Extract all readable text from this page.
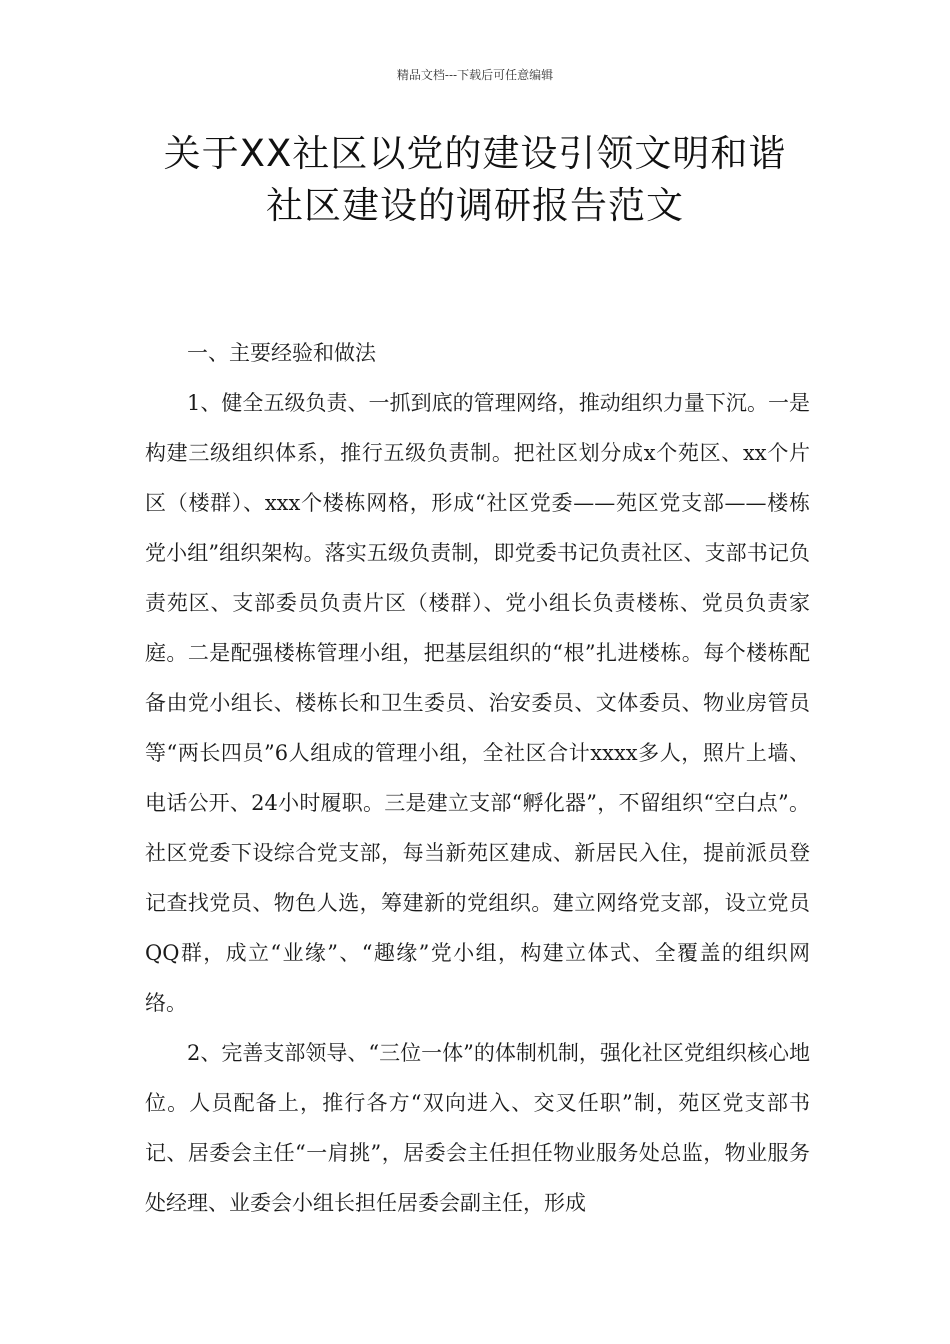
精品文档---下载后可任意编辑
关于XX社区以党的建设引领文明和谐
社区建设的调研报告范文

一、主要经验和做法

1、健全五级负责、一抓到底的管理网络，推动组织力量下沉。一是构建三级组织体系，推行五级负责制。把社区划分成x个苑区、xx个片区（楼群）、xxx个楼栋网格，形成“社区党委——苑区党支部——楼栋党小组”组织架构。落实五级负责制，即党委书记负责社区、支部书记负责苑区、支部委员负责片区（楼群）、党小组长负责楼栋、党员负责家庭。二是配强楼栋管理小组，把基层组织的“根”扎进楼栋。每个楼栋配备由党小组长、楼栋长和卫生委员、治安委员、文体委员、物业房管员等“两长四员”6人组成的管理小组，全社区合计xxxx多人，照片上墙、电话公开、24小时履职。三是建立支部“孵化器”，不留组织“空白点”。社区党委下设综合党支部，每当新苑区建成、新居民入住，提前派员登记查找党员、物色人选，筹建新的党组织。建立网络党支部，设立党员QQ群，成立“业缘”、“趣缘”党小组，构建立体式、全覆盖的组织网络。

2、完善支部领导、“三位一体”的体制机制，强化社区党组织核心地位。人员配备上，推行各方“双向进入、交叉任职”制，苑区党支部书记、居委会主任“一肩挑”，居委会主任担任物业服务处总监，物业服务处经理、业委会小组长担任居委会副主任，形成
